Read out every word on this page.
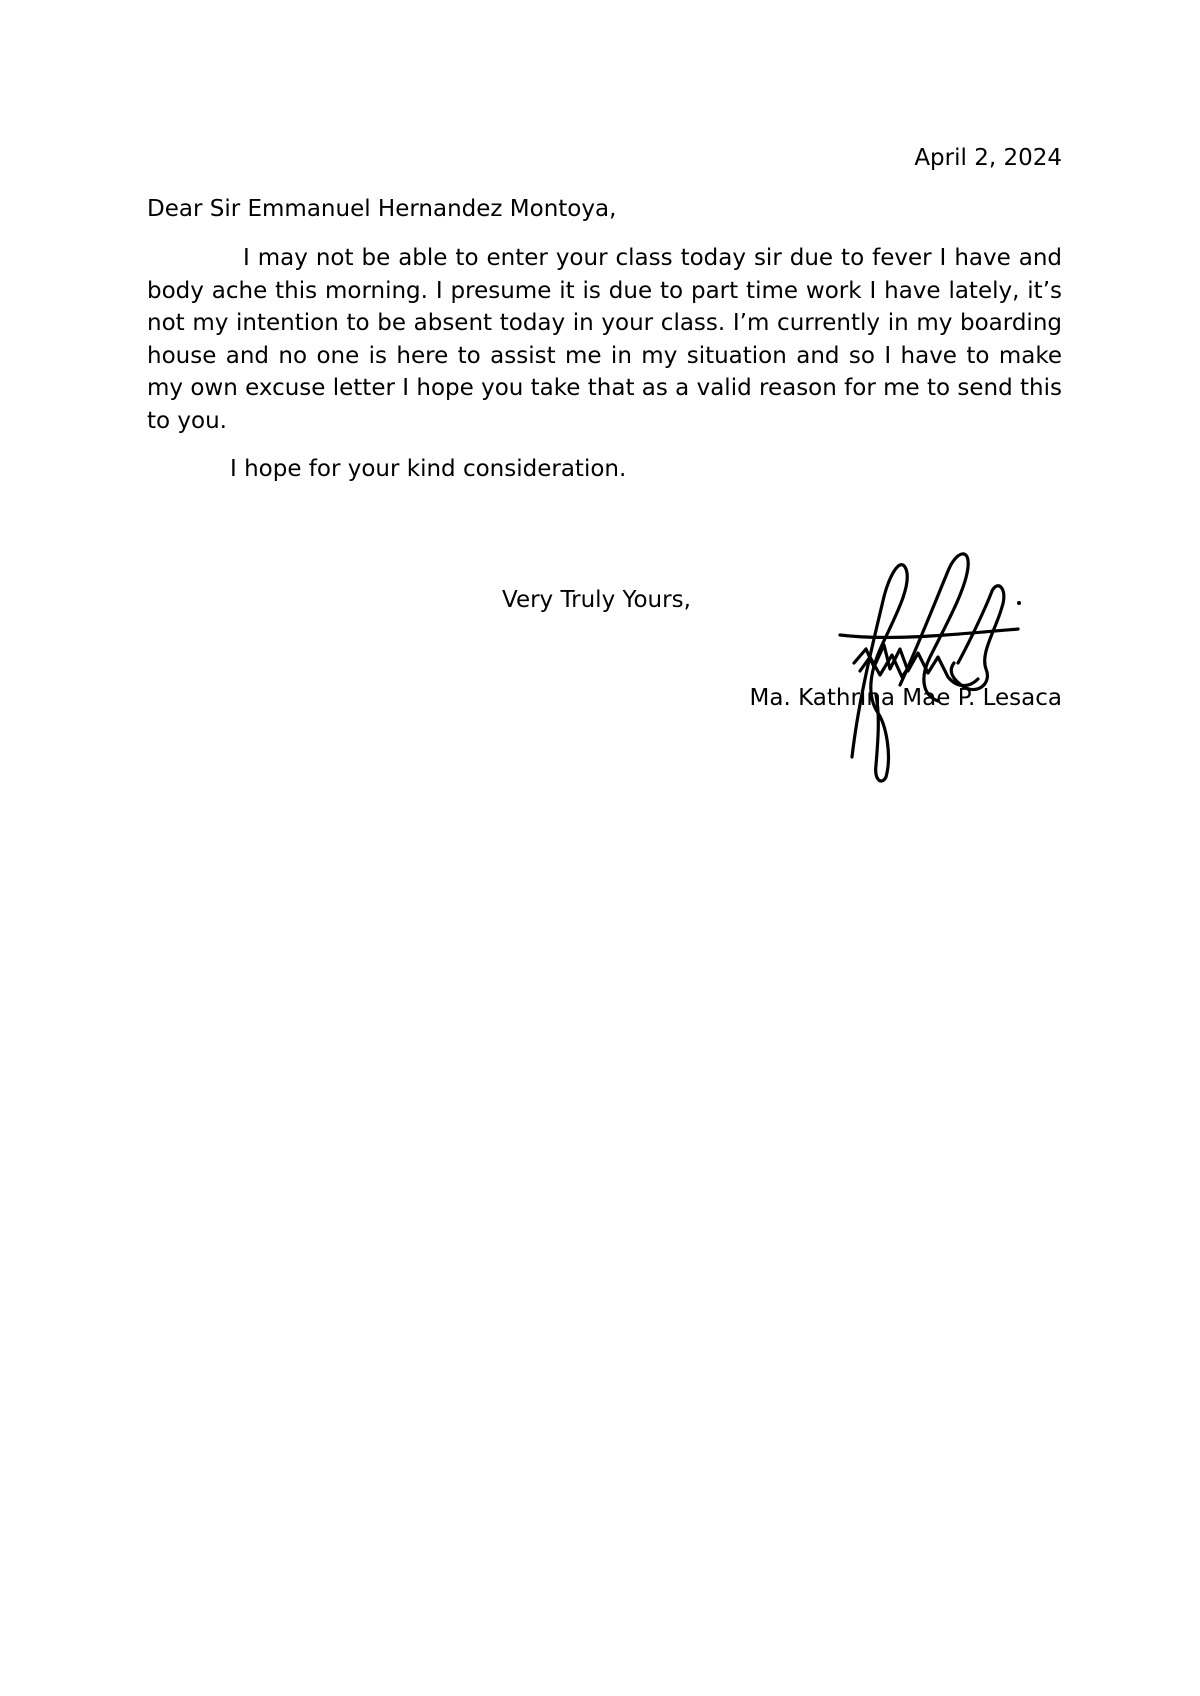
April 2, 2024
Dear Sir Emmanuel Hernandez Montoya,
I may not be able to enter your class today sir due to fever I have and body ache this morning. I presume it is due to part time work I have lately, it’s not my intention to be absent today in your class. I’m currently in my boarding house and no one is here to assist me in my situation and so I have to make my own excuse letter I hope you take that as a valid reason for me to send this to you.
I hope for your kind consideration.
Very Truly Yours,
Ma. Kathrina Mae P. Lesaca
